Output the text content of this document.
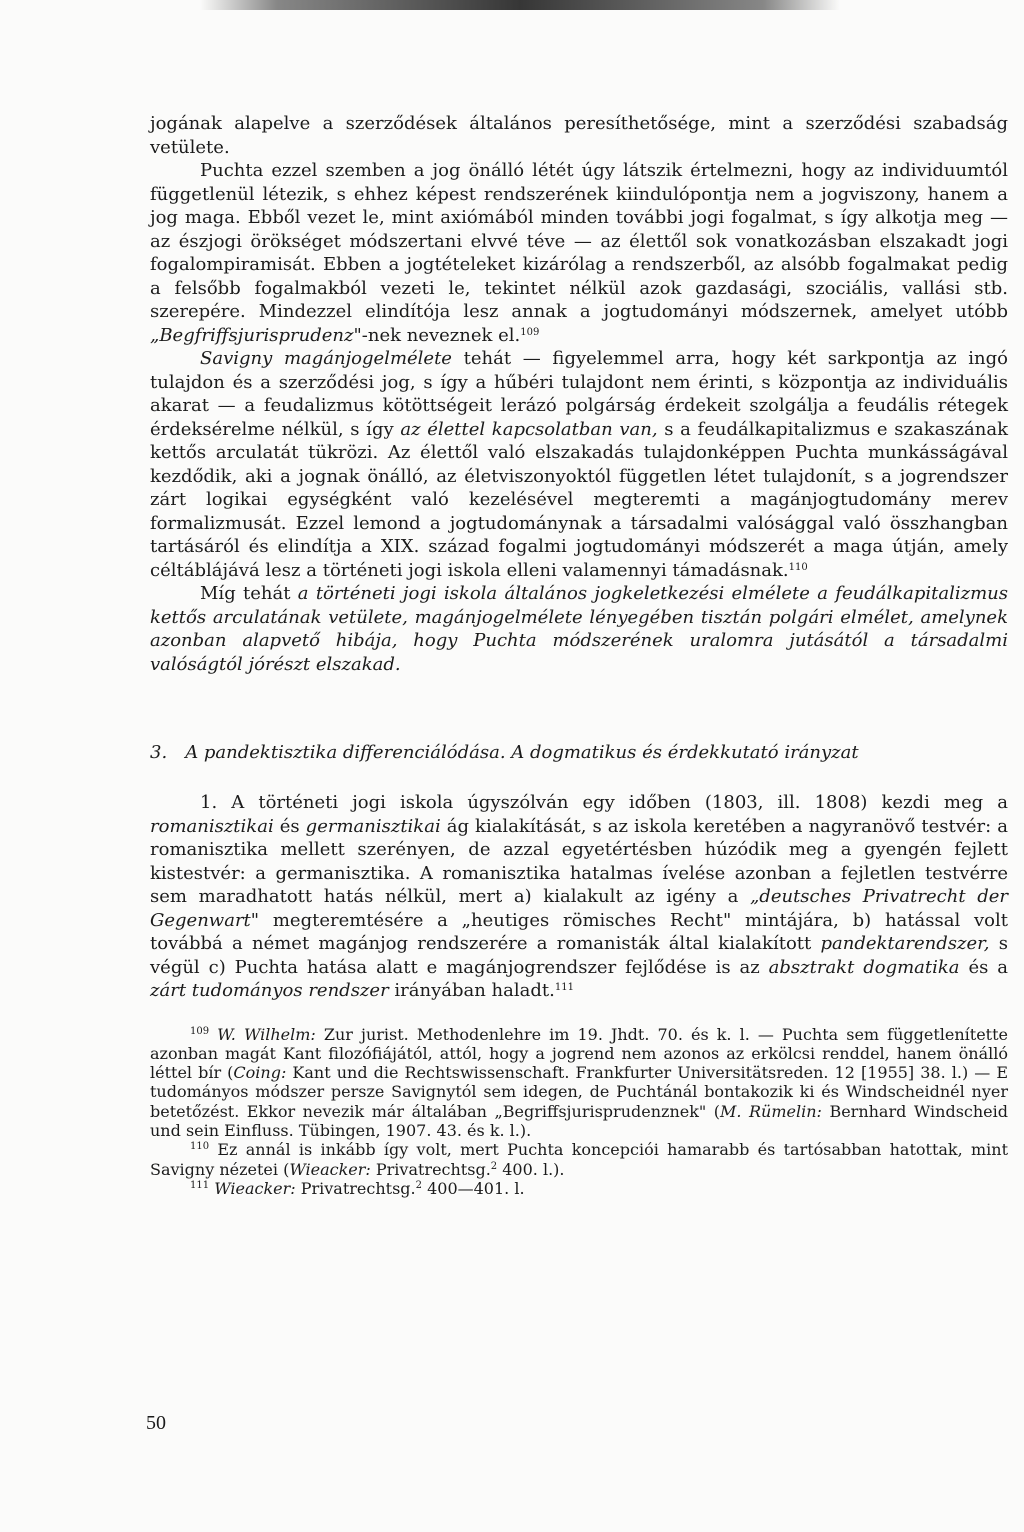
jogának alapelve a szerződések általános peresíthetősége, mint a szerződési szabadság vetülete.

Puchta ezzel szemben a jog önálló létét úgy látszik értelmezni, hogy az individuumtól függetlenül létezik, s ehhez képest rendszerének kiindulópontja nem a jogviszony, hanem a jog maga. Ebből vezet le, mint axiómából minden további jogi fogalmat, s így alkotja meg — az észjogi örökséget módszertani elvvé téve — az élettől sok vonatkozásban elszakadt jogi fogalompiramisát. Ebben a jogtételeket kizárólag a rendszerből, az alsóbb fogalmakat pedig a felsőbb fogalmakból vezeti le, tekintet nélkül azok gazdasági, szociális, vallási stb. szerepére. Mindezzel elindítója lesz annak a jogtudományi módszernek, amelyet utóbb „Begfriffsjurisprudenz"-nek neveznek el.$^{109}$

Savigny magánjogelmélete tehát — figyelemmel arra, hogy két sarkpontja az ingó tulajdon és a szerződési jog, s így a hűbéri tulajdont nem érinti, s központja az individuális akarat — a feudalizmus kötöttségeit lerázó polgárság érdekeit szolgálja a feudális rétegek érdeksérelme nélkül, s így az élettel kapcsolatban van, s a feudálkapitalizmus e szakaszának kettős arculatát tükrözi. Az élettől való elszakadás tulajdonképpen Puchta munkásságával kezdődik, aki a jognak önálló, az életviszonyoktól független létet tulajdonít, s a jogrendszer zárt logikai egységként való kezelésével megteremti a magánjogtudomány merev formalizmusát. Ezzel lemond a jogtudománynak a társadalmi valósággal való összhangban tartásáról és elindítja a XIX. század fogalmi jogtudományi módszerét a maga útján, amely céltáblájává lesz a történeti jogi iskola elleni valamennyi támadásnak.$^{110}$

Míg tehát a történeti jogi iskola általános jogkeletkezési elmélete a feudálkapitalizmus kettős arculatának vetülete, magánjogelmélete lényegében tisztán polgári elmélet, amelynek azonban alapvető hibája, hogy Puchta módszerének uralomra jutásától a társadalmi valóságtól jórészt elszakad.

3. A pandektisztika differenciálódása. A dogmatikus és érdekkutató irányzat

1. A történeti jogi iskola úgyszólván egy időben (1803, ill. 1808) kezdi meg a romanisztikai és germanisztikai ág kialakítását, s az iskola keretében a nagyranövő testvér: a romanisztika mellett szerényen, de azzal egyetértésben húzódik meg a gyengén fejlett kistestvér: a germanisztika. A romanisztika hatalmas ívelése azonban a fejletlen testvérre sem maradhatott hatás nélkül, mert a) kialakult az igény a „deutsches Privatrecht der Gegenwart" megteremtésére a „heutiges römisches Recht" mintájára, b) hatással volt továbbá a német magánjog rendszerére a romanisták által kialakított pandektarendszer, s végül c) Puchta hatása alatt e magánjogrendszer fejlődése is az absztrakt dogmatika és a zárt tudományos rendszer irányában haladt.$^{111}$

$^{109}$ W. Wilhelm: Zur jurist. Methodenlehre im 19. Jhdt. 70. és k. l. — Puchta sem függetlenítette azonban magát Kant filozófiájától, attól, hogy a jogrend nem azonos az erkölcsi renddel, hanem önálló léttel bír (Coing: Kant und die Rechtswissenschaft. Frankfurter Universitätsreden. 12 [1955] 38. l.) — E tudományos módszer persze Savignytól sem idegen, de Puchtánál bontakozik ki és Windscheidnél nyer betetőzést. Ekkor nevezik már általában „Begriffsjurisprudenznek" (M. Rümelin: Bernhard Windscheid und sein Einfluss. Tübingen, 1907. 43. és k. l.).

$^{110}$ Ez annál is inkább így volt, mert Puchta koncepciói hamarabb és tartósabban hatottak, mint Savigny nézetei (Wieacker: Privatrechtsg.$^2$ 400. l.).

$^{111}$ Wieacker: Privatrechtsg.$^2$ 400—401. l.

50
